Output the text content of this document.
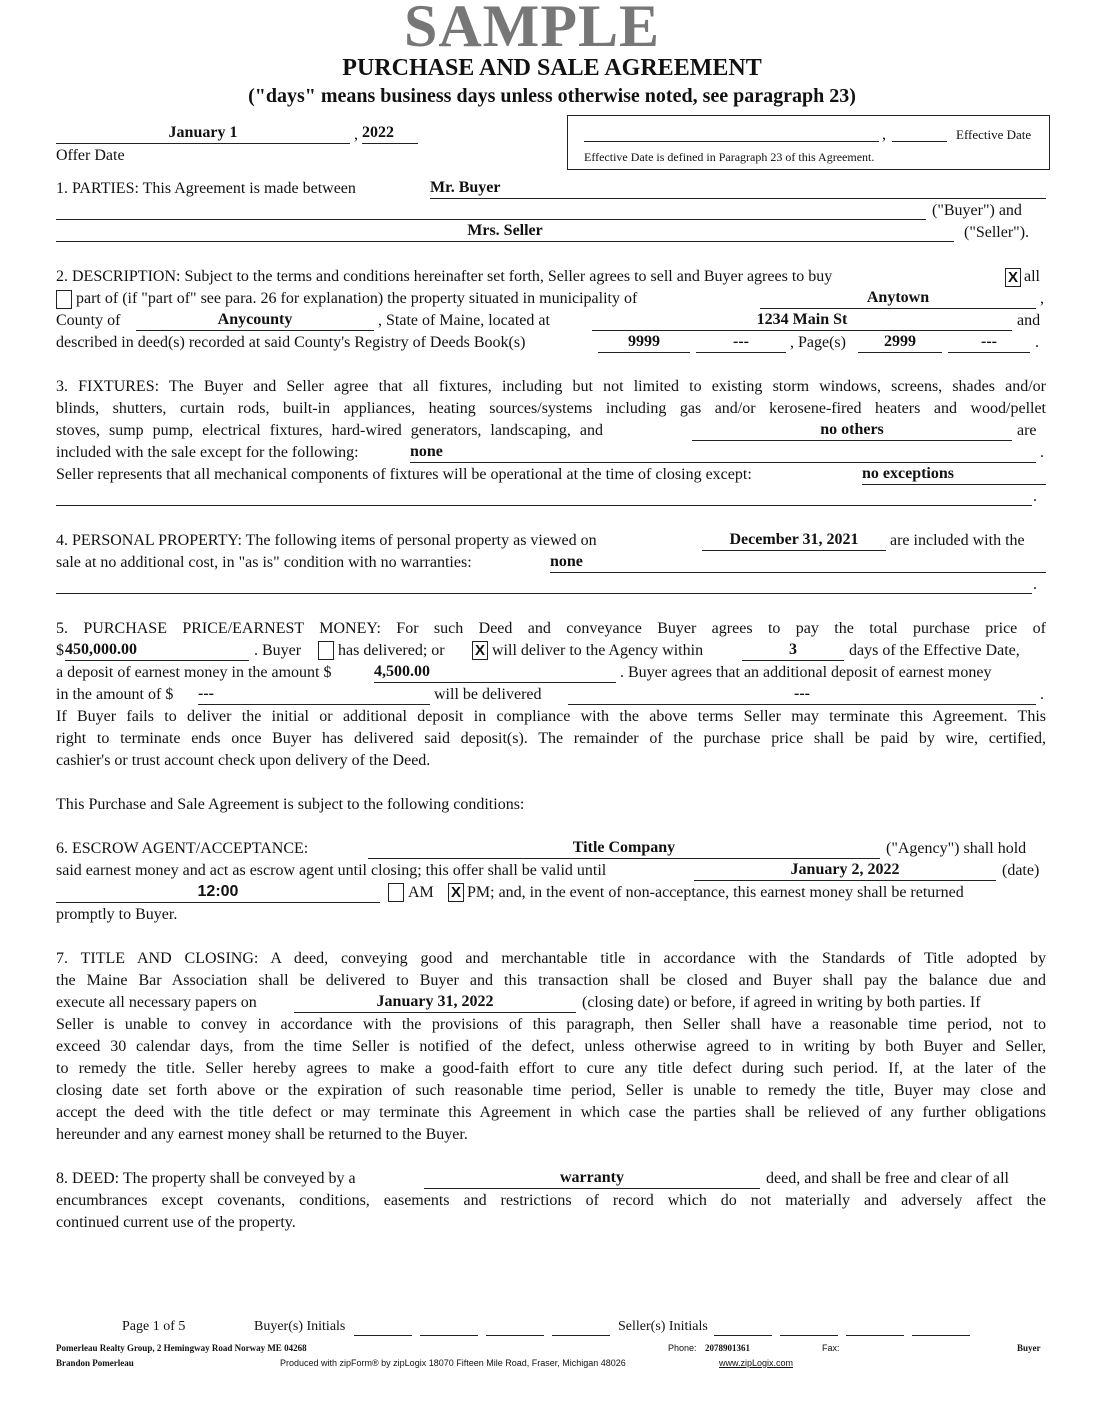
SAMPLE
PURCHASE AND SALE AGREEMENT
("days" means business days unless otherwise noted, see paragraph 23)
January 1	, 2022
Offer Date
,	Effective Date
Effective Date is defined in Paragraph 23 of this Agreement.
1. PARTIES: This Agreement is made between	Mr. Buyer
("Buyer") and
Mrs. Seller	("Seller").
2. DESCRIPTION: Subject to the terms and conditions hereinafter set forth, Seller agrees to sell and Buyer agrees to buy	X all
part of (if "part of" see para. 26 for explanation) the property situated in municipality of	Anytown	,
County of	Anycounty	, State of Maine, located at	1234 Main St	and
described in deed(s) recorded at said County's Registry of Deeds Book(s)	9999	---	, Page(s)	2999	---	.
3. FIXTURES: The Buyer and Seller agree that all fixtures, including but not limited to existing storm windows, screens, shades and/or
blinds, shutters, curtain rods, built-in appliances, heating sources/systems including gas and/or kerosene-fired heaters and wood/pellet
stoves, sump pump, electrical fixtures, hard-wired generators, landscaping, and	no others	are
included with the sale except for the following:	none	.
Seller represents that all mechanical components of fixtures will be operational at the time of closing except:	no exceptions
.
4. PERSONAL PROPERTY: The following items of personal property as viewed on	December 31, 2021	are included with the
sale at no additional cost, in "as is" condition with no warranties:	none
.
5. PURCHASE PRICE/EARNEST MONEY: For such Deed and conveyance Buyer agrees to pay the total purchase price of
$ 450,000.00	. Buyer has delivered; or X will deliver to the Agency within	3	days of the Effective Date,
a deposit of earnest money in the amount $	4,500.00	. Buyer agrees that an additional deposit of earnest money
in the amount of $ ---	will be delivered	---	.
If Buyer fails to deliver the initial or additional deposit in compliance with the above terms Seller may terminate this Agreement. This
right to terminate ends once Buyer has delivered said deposit(s). The remainder of the purchase price shall be paid by wire, certified,
cashier's or trust account check upon delivery of the Deed.
This Purchase and Sale Agreement is subject to the following conditions:
6. ESCROW AGENT/ACCEPTANCE:	Title Company	("Agency") shall hold
said earnest money and act as escrow agent until closing; this offer shall be valid until	January 2, 2022	(date)
12:00	AM X PM; and, in the event of non-acceptance, this earnest money shall be returned
promptly to Buyer.
7. TITLE AND CLOSING: A deed, conveying good and merchantable title in accordance with the Standards of Title adopted by
the Maine Bar Association shall be delivered to Buyer and this transaction shall be closed and Buyer shall pay the balance due and
execute all necessary papers on	January 31, 2022	(closing date) or before, if agreed in writing by both parties. If
Seller is unable to convey in accordance with the provisions of this paragraph, then Seller shall have a reasonable time period, not to
exceed 30 calendar days, from the time Seller is notified of the defect, unless otherwise agreed to in writing by both Buyer and Seller,
to remedy the title. Seller hereby agrees to make a good-faith effort to cure any title defect during such period. If, at the later of the
closing date set forth above or the expiration of such reasonable time period, Seller is unable to remedy the title, Buyer may close and
accept the deed with the title defect or may terminate this Agreement in which case the parties shall be relieved of any further obligations
hereunder and any earnest money shall be returned to the Buyer.
8. DEED: The property shall be conveyed by a	warranty	deed, and shall be free and clear of all
encumbrances except covenants, conditions, easements and restrictions of record which do not materially and adversely affect the
continued current use of the property.
Page 1 of 5	Buyer(s) Initials	Seller(s) Initials
Pomerleau Realty Group, 2 Hemingway Road Norway ME 04268	Phone: 2078901361	Fax:	Buyer
Brandon Pomerleau	Produced with zipForm® by zipLogix 18070 Fifteen Mile Road, Fraser, Michigan 48026	www.zipLogix.com
